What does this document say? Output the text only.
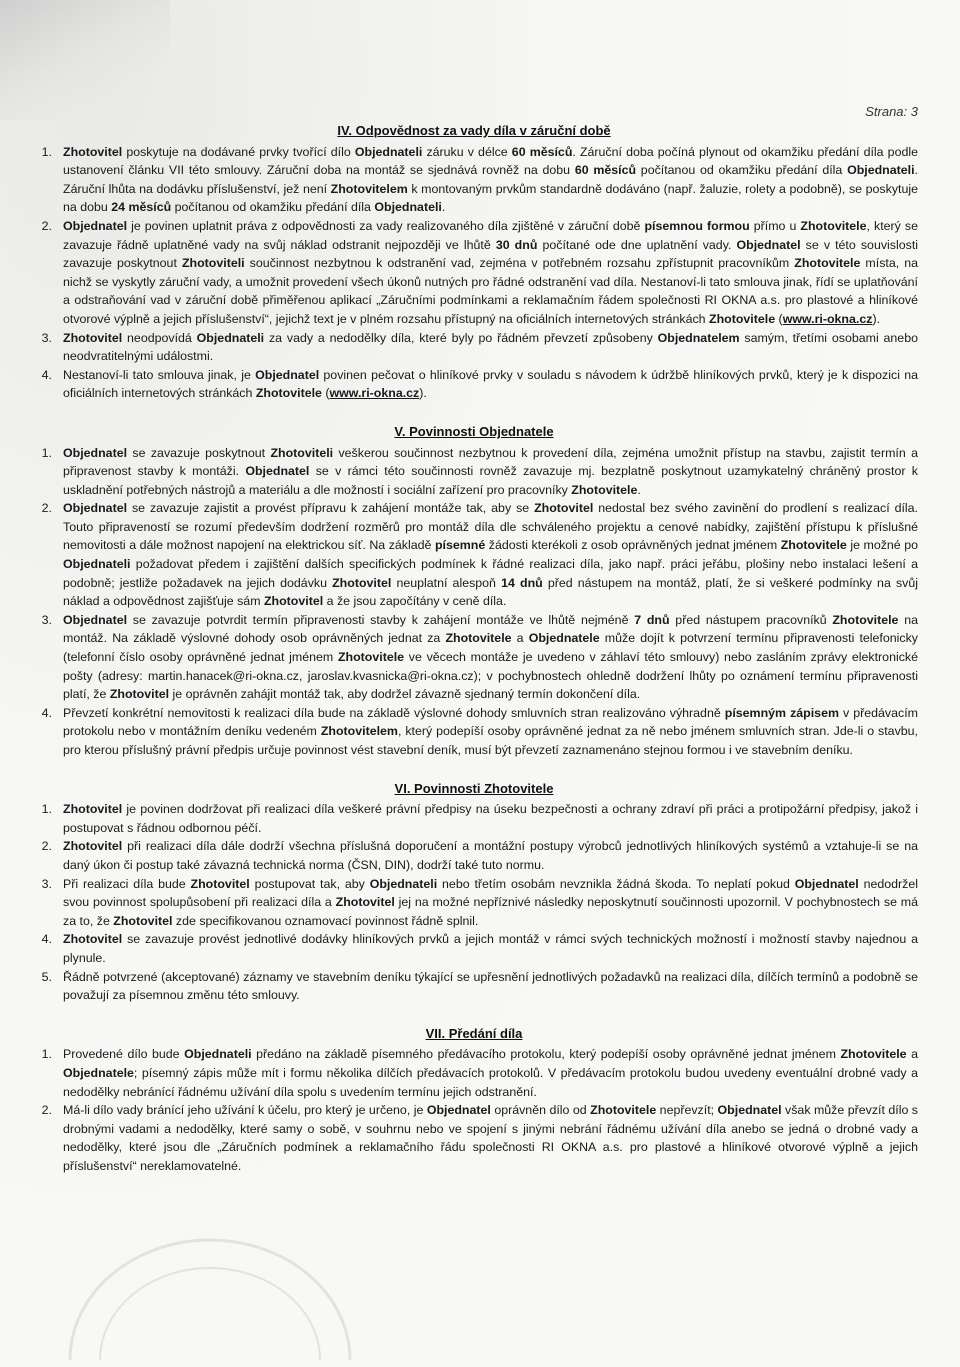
Strana: 3
IV. Odpovědnost za vady díla v záruční době

1. Zhotovitel poskytuje na dodávané prvky tvořící dílo Objednateli záruku v délce 60 měsíců. Záruční doba počíná plynout od okamžiku předání díla podle ustanovení článku VII této smlouvy. Záruční doba na montáž se sjednává rovněž na dobu 60 měsíců počítanou od okamžiku předání díla Objednateli. Záruční lhůta na dodávku příslušenství, jež není Zhotovitelem k montovaným prvkům standardně dodáváno (např. žaluzie, rolety a podobně), se poskytuje na dobu 24 měsíců počítanou od okamžiku předání díla Objednateli.

2. Objednatel je povinen uplatnit práva z odpovědnosti za vady realizovaného díla zjištěné v záruční době písemnou formou přímo u Zhotovitele, který se zavazuje řádně uplatněné vady na svůj náklad odstranit nejpozději ve lhůtě 30 dnů počítané ode dne uplatnění vady. Objednatel se v této souvislosti zavazuje poskytnout Zhotoviteli součinnost nezbytnou k odstranění vad, zejména v potřebném rozsahu zpřístupnit pracovníkům Zhotovitele místa, na nichž se vyskytly záruční vady, a umožnit provedení všech úkonů nutných pro řádné odstranění vad díla. Nestanoví-li tato smlouva jinak, řídí se uplatňování a odstraňování vad v záruční době přiměřenou aplikací „Záručními podmínkami a reklamačním řádem společnosti RI OKNA a.s. pro plastové a hliníkové otvorové výplně a jejich příslušenství“, jejichž text je v plném rozsahu přístupný na oficiálních internetových stránkách Zhotovitele (www.ri-okna.cz).

3. Zhotovitel neodpovídá Objednateli za vady a nedodělky díla, které byly po řádném převzetí způsobeny Objednatelem samým, třetími osobami anebo neodvratitelnými událostmi.

4. Nestanoví-li tato smlouva jinak, je Objednatel povinen pečovat o hliníkové prvky v souladu s návodem k údržbě hliníkových prvků, který je k dispozici na oficiálních internetových stránkách Zhotovitele (www.ri-okna.cz).

V. Povinnosti Objednatele

1. Objednatel se zavazuje poskytnout Zhotoviteli veškerou součinnost nezbytnou k provedení díla, zejména umožnit přístup na stavbu, zajistit termín a připravenost stavby k montáži. Objednatel se v rámci této součinnosti rovněž zavazuje mj. bezplatně poskytnout uzamykatelný chráněný prostor k uskladnění potřebných nástrojů a materiálu a dle možností i sociální zařízení pro pracovníky Zhotovitele.

2. Objednatel se zavazuje zajistit a provést přípravu k zahájení montáže tak, aby se Zhotovitel nedostal bez svého zavinění do prodlení s realizací díla. Touto připraveností se rozumí především dodržení rozměrů pro montáž díla dle schváleného projektu a cenové nabídky, zajištění přístupu k příslušné nemovitosti a dále možnost napojení na elektrickou síť. Na základě písemné žádosti kterékoli z osob oprávněných jednat jménem Zhotovitele je možné po Objednateli požadovat předem i zajištění dalších specifických podmínek k řádné realizaci díla, jako např. práci jeřábu, plošiny nebo instalaci lešení a podobně; jestliže požadavek na jejich dodávku Zhotovitel neuplatní alespoň 14 dnů před nástupem na montáž, platí, že si veškeré podmínky na svůj náklad a odpovědnost zajišťuje sám Zhotovitel a že jsou započítány v ceně díla.

3. Objednatel se zavazuje potvrdit termín připravenosti stavby k zahájení montáže ve lhůtě nejméně 7 dnů před nástupem pracovníků Zhotovitele na montáž. Na základě výslovné dohody osob oprávněných jednat za Zhotovitele a Objednatele může dojít k potvrzení termínu připravenosti telefonicky (telefonní číslo osoby oprávněné jednat jménem Zhotovitele ve věcech montáže je uvedeno v záhlaví této smlouvy) nebo zasláním zprávy elektronické pošty (adresy: martin.hanacek@ri-okna.cz, jaroslav.kvasnicka@ri-okna.cz); v pochybnostech ohledně dodržení lhůty po oznámení termínu připravenosti platí, že Zhotovitel je oprávněn zahájit montáž tak, aby dodržel závazně sjednaný termín dokončení díla.

4. Převzetí konkrétní nemovitosti k realizaci díla bude na základě výslovné dohody smluvních stran realizováno výhradně písemným zápisem v předávacím protokolu nebo v montážním deníku vedeném Zhotovitelem, který podepíší osoby oprávněné jednat za ně nebo jménem smluvních stran. Jde-li o stavbu, pro kterou příslušný právní předpis určuje povinnost vést stavební deník, musí být převzetí zaznamenáno stejnou formou i ve stavebním deníku.

VI. Povinnosti Zhotovitele

1. Zhotovitel je povinen dodržovat při realizaci díla veškeré právní předpisy na úseku bezpečnosti a ochrany zdraví při práci a protipožární předpisy, jakož i postupovat s řádnou odbornou péčí.

2. Zhotovitel při realizaci díla dále dodrží všechna příslušná doporučení a montážní postupy výrobců jednotlivých hliníkových systémů a vztahuje-li se na daný úkon či postup také závazná technická norma (ČSN, DIN), dodrží také tuto normu.

3. Při realizaci díla bude Zhotovitel postupovat tak, aby Objednateli nebo třetím osobám nevznikla žádná škoda. To neplatí pokud Objednatel nedodržel svou povinnost spolupůsobení při realizaci díla a Zhotovitel jej na možné nepříznivé následky neposkytnutí součinnosti upozornil. V pochybnostech se má za to, že Zhotovitel zde specifikovanou oznamovací povinnost řádně splnil.

4. Zhotovitel se zavazuje provést jednotlivé dodávky hliníkových prvků a jejich montáž v rámci svých technických možností i možností stavby najednou a plynule.

5. Řádně potvrzené (akceptované) záznamy ve stavebním deníku týkající se upřesnění jednotlivých požadavků na realizaci díla, dílčích termínů a podobně se považují za písemnou změnu této smlouvy.

VII. Předání díla

1. Provedené dílo bude Objednateli předáno na základě písemného předávacího protokolu, který podepíší osoby oprávněné jednat jménem Zhotovitele a Objednatele; písemný zápis může mít i formu několika dílčích předávacích protokolů. V předávacím protokolu budou uvedeny eventuální drobné vady a nedodělky nebránící řádnému užívání díla spolu s uvedením termínu jejich odstranění.

2. Má-li dílo vady bránící jeho užívání k účelu, pro který je určeno, je Objednatel oprávněn dílo od Zhotovitele nepřevzít; Objednatel však může převzít dílo s drobnými vadami a nedodělky, které samy o sobě, v souhrnu nebo ve spojení s jinými nebrání řádnému užívání díla anebo se jedná o drobné vady a nedodělky, které jsou dle „Záručních podmínek a reklamačního řádu společnosti RI OKNA a.s. pro plastové a hliníkové otvorové výplně a jejich příslušenství“ nereklamovatelné.
